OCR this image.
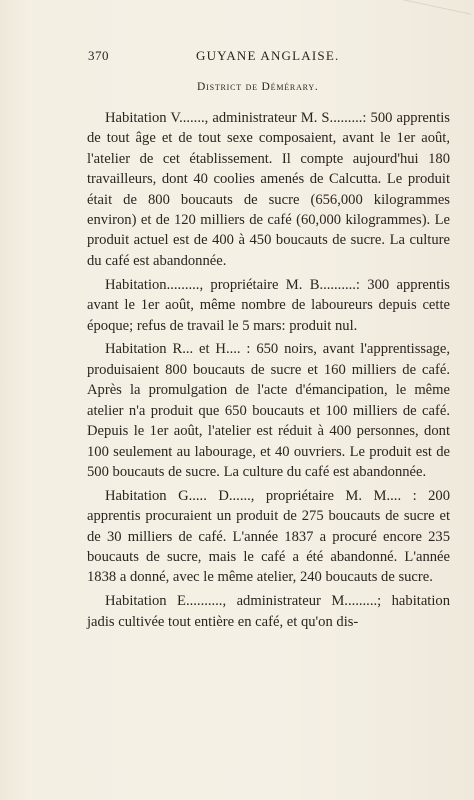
370	GUYANE ANGLAISE.
District de Démérary.

Habitation V......., administrateur M. S.........: 500 apprentis de tout âge et de tout sexe composaient, avant le 1er août, l'atelier de cet établissement. Il compte aujourd'hui 180 travailleurs, dont 40 coolies amenés de Calcutta. Le produit était de 800 boucauts de sucre (656,000 kilogrammes environ) et de 120 milliers de café (60,000 kilogrammes). Le produit actuel est de 400 à 450 boucauts de sucre. La culture du café est abandonnée.

Habitation........., propriétaire M. B..........: 300 apprentis avant le 1er août, même nombre de laboureurs depuis cette époque; refus de travail le 5 mars: produit nul.

Habitation R... et H.... : 650 noirs, avant l'apprentissage, produisaient 800 boucauts de sucre et 160 milliers de café. Après la promulgation de l'acte d'émancipation, le même atelier n'a produit que 650 boucauts et 100 milliers de café. Depuis le 1er août, l'atelier est réduit à 400 personnes, dont 100 seulement au labourage, et 40 ouvriers. Le produit est de 500 boucauts de sucre. La culture du café est abandonnée.

Habitation G..... D......, propriétaire M. M.... : 200 apprentis procuraient un produit de 275 boucauts de sucre et de 30 milliers de café. L'année 1837 a procuré encore 235 boucauts de sucre, mais le café a été abandonné. L'année 1838 a donné, avec le même atelier, 240 boucauts de sucre.

Habitation E.........., administrateur M.........; habitation jadis cultivée tout entière en café, et qu'on dis-
